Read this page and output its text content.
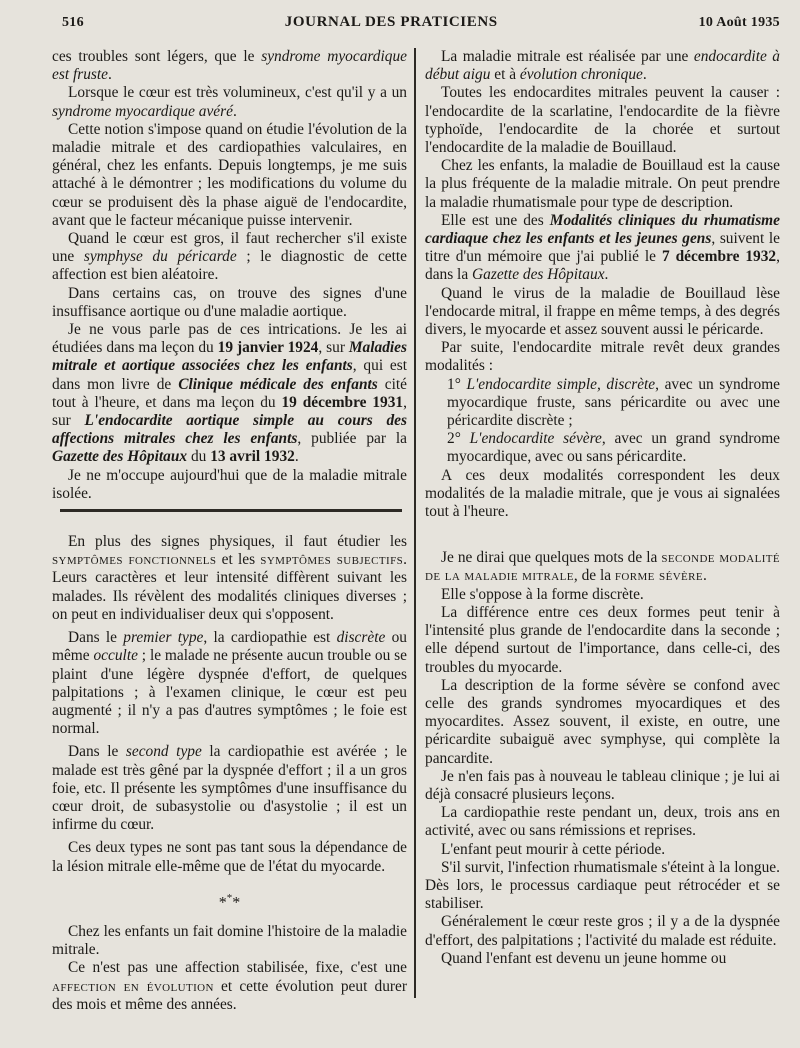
516	JOURNAL DES PRATICIENS	10 Août 1935

ces troubles sont légers, que le syndrome myocardique est fruste.

Lorsque le cœur est très volumineux, c'est qu'il y a un syndrome myocardique avéré.

Cette notion s'impose quand on étudie l'évolution de la maladie mitrale et des cardiopathies valculaires, en général, chez les enfants. Depuis longtemps, je me suis attaché à le démontrer ; les modifications du volume du cœur se produisent dès la phase aiguë de l'endocardite, avant que le facteur mécanique puisse intervenir.

Quand le cœur est gros, il faut rechercher s'il existe une symphyse du péricarde ; le diagnostic de cette affection est bien aléatoire.

Dans certains cas, on trouve des signes d'une insuffisance aortique ou d'une maladie aortique.

Je ne vous parle pas de ces intrications. Je les ai étudiées dans ma leçon du 19 janvier 1924, sur Maladies mitrale et aortique associées chez les enfants, qui est dans mon livre de Clinique médicale des enfants cité tout à l'heure, et dans ma leçon du 19 décembre 1931, sur L'endocardite aortique simple au cours des affections mitrales chez les enfants, publiée par la Gazette des Hôpitaux du 13 avril 1932.

Je ne m'occupe aujourd'hui que de la maladie mitrale isolée.

En plus des signes physiques, il faut étudier les symptômes fonctionnels et les symptômes subjectifs. Leurs caractères et leur intensité diffèrent suivant les malades. Ils révèlent des modalités cliniques diverses ; on peut en individualiser deux qui s'opposent.

Dans le premier type, la cardiopathie est discrète ou même occulte ; le malade ne présente aucun trouble ou se plaint d'une légère dyspnée d'effort, de quelques palpitations ; à l'examen clinique, le cœur est peu augmenté ; il n'y a pas d'autres symptômes ; le foie est normal.

Dans le second type la cardiopathie est avérée ; le malade est très gêné par la dyspnée d'effort ; il a un gros foie, etc. Il présente les symptômes d'une insuffisance du cœur droit, de subasystolie ou d'asystolie ; il est un infirme du cœur.

Ces deux types ne sont pas tant sous la dépendance de la lésion mitrale elle-même que de l'état du myocarde.

***

Chez les enfants un fait domine l'histoire de la maladie mitrale.

Ce n'est pas une affection stabilisée, fixe, c'est une affection en évolution et cette évolution peut durer des mois et même des années.

La maladie mitrale est réalisée par une endocardite à début aigu et à évolution chronique.

Toutes les endocardites mitrales peuvent la causer : l'endocardite de la scarlatine, l'endocardite de la fièvre typhoïde, l'endocardite de la chorée et surtout l'endocardite de la maladie de Bouillaud.

Chez les enfants, la maladie de Bouillaud est la cause la plus fréquente de la maladie mitrale. On peut prendre la maladie rhumatismale pour type de description.

Elle est une des Modalités cliniques du rhumatisme cardiaque chez les enfants et les jeunes gens, suivent le titre d'un mémoire que j'ai publié le 7 décembre 1932, dans la Gazette des Hôpitaux.

Quand le virus de la maladie de Bouillaud lèse l'endocarde mitral, il frappe en même temps, à des degrés divers, le myocarde et assez souvent aussi le péricarde.

Par suite, l'endocardite mitrale revêt deux grandes modalités :

1° L'endocardite simple, discrète, avec un syndrome myocardique fruste, sans péricardite ou avec une péricardite discrète ;

2° L'endocardite sévère, avec un grand syndrome myocardique, avec ou sans péricardite.

A ces deux modalités correspondent les deux modalités de la maladie mitrale, que je vous ai signalées tout à l'heure.

Je ne dirai que quelques mots de la seconde modalité de la maladie mitrale, de la forme sévère.

Elle s'oppose à la forme discrète.

La différence entre ces deux formes peut tenir à l'intensité plus grande de l'endocardite dans la seconde ; elle dépend surtout de l'importance, dans celle-ci, des troubles du myocarde.

La description de la forme sévère se confond avec celle des grands syndromes myocardiques et des myocardites. Assez souvent, il existe, en outre, une péricardite subaiguë avec symphyse, qui complète la pancardite.

Je n'en fais pas à nouveau le tableau clinique ; je lui ai déjà consacré plusieurs leçons.

La cardiopathie reste pendant un, deux, trois ans en activité, avec ou sans rémissions et reprises.

L'enfant peut mourir à cette période.

S'il survit, l'infection rhumatismale s'éteint à la longue. Dès lors, le processus cardiaque peut rétrocéder et se stabiliser.

Généralement le cœur reste gros ; il y a de la dyspnée d'effort, des palpitations ; l'activité du malade est réduite.

Quand l'enfant est devenu un jeune homme ou
